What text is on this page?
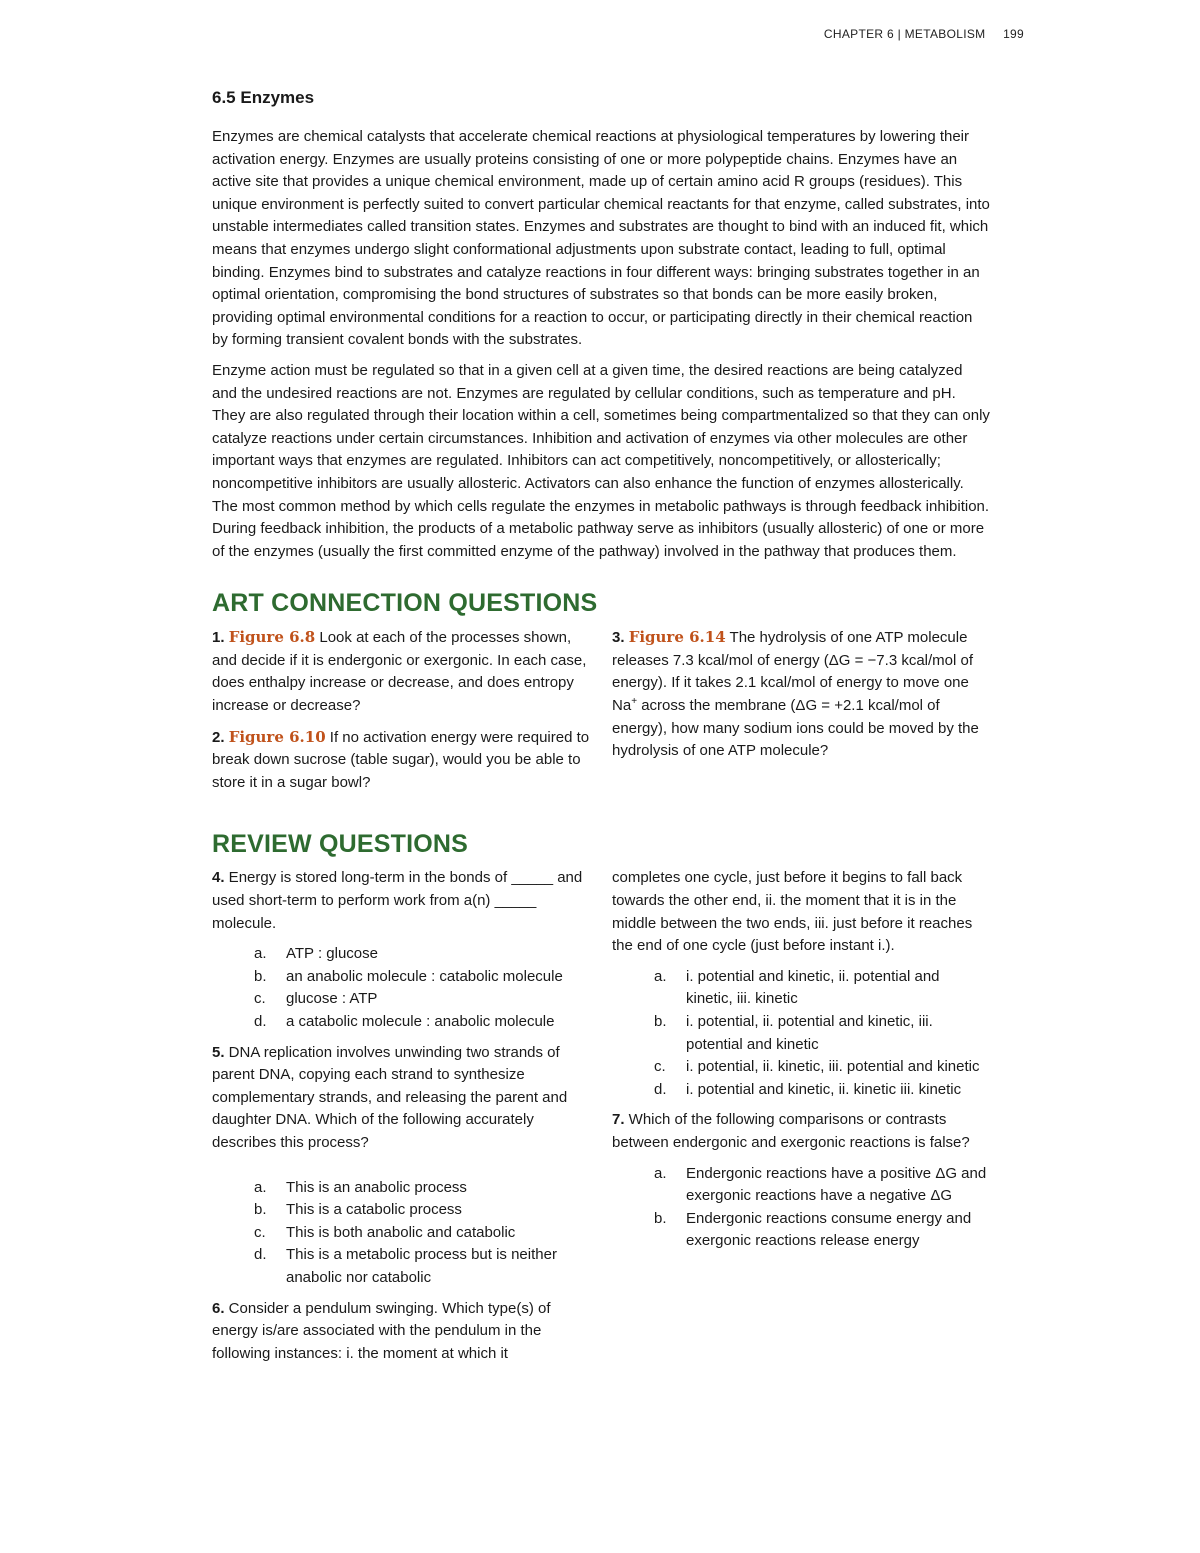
CHAPTER 6 | METABOLISM 199
6.5 Enzymes

Enzymes are chemical catalysts that accelerate chemical reactions at physiological temperatures by lowering their activation energy. Enzymes are usually proteins consisting of one or more polypeptide chains. Enzymes have an active site that provides a unique chemical environment, made up of certain amino acid R groups (residues). This unique environment is perfectly suited to convert particular chemical reactants for that enzyme, called substrates, into unstable intermediates called transition states. Enzymes and substrates are thought to bind with an induced fit, which means that enzymes undergo slight conformational adjustments upon substrate contact, leading to full, optimal binding. Enzymes bind to substrates and catalyze reactions in four different ways: bringing substrates together in an optimal orientation, compromising the bond structures of substrates so that bonds can be more easily broken, providing optimal environmental conditions for a reaction to occur, or participating directly in their chemical reaction by forming transient covalent bonds with the substrates.

Enzyme action must be regulated so that in a given cell at a given time, the desired reactions are being catalyzed and the undesired reactions are not. Enzymes are regulated by cellular conditions, such as temperature and pH. They are also regulated through their location within a cell, sometimes being compartmentalized so that they can only catalyze reactions under certain circumstances. Inhibition and activation of enzymes via other molecules are other important ways that enzymes are regulated. Inhibitors can act competitively, noncompetitively, or allosterically; noncompetitive inhibitors are usually allosteric. Activators can also enhance the function of enzymes allosterically. The most common method by which cells regulate the enzymes in metabolic pathways is through feedback inhibition. During feedback inhibition, the products of a metabolic pathway serve as inhibitors (usually allosteric) of one or more of the enzymes (usually the first committed enzyme of the pathway) involved in the pathway that produces them.

ART CONNECTION QUESTIONS

1. Figure 6.8 Look at each of the processes shown, and decide if it is endergonic or exergonic. In each case, does enthalpy increase or decrease, and does entropy increase or decrease?

2. Figure 6.10 If no activation energy were required to break down sucrose (table sugar), would you be able to store it in a sugar bowl?

3. Figure 6.14 The hydrolysis of one ATP molecule releases 7.3 kcal/mol of energy (ΔG = −7.3 kcal/mol of energy). If it takes 2.1 kcal/mol of energy to move one Na+ across the membrane (ΔG = +2.1 kcal/mol of energy), how many sodium ions could be moved by the hydrolysis of one ATP molecule?

REVIEW QUESTIONS

4. Energy is stored long-term in the bonds of _____ and used short-term to perform work from a(n) _____ molecule.

a. ATP : glucose
b. an anabolic molecule : catabolic molecule
c. glucose : ATP
d. a catabolic molecule : anabolic molecule

5. DNA replication involves unwinding two strands of parent DNA, copying each strand to synthesize complementary strands, and releasing the parent and daughter DNA. Which of the following accurately describes this process?

a. This is an anabolic process
b. This is a catabolic process
c. This is both anabolic and catabolic
d. This is a metabolic process but is neither anabolic nor catabolic

6. Consider a pendulum swinging. Which type(s) of energy is/are associated with the pendulum in the following instances: i. the moment at which it

completes one cycle, just before it begins to fall back towards the other end, ii. the moment that it is in the middle between the two ends, iii. just before it reaches the end of one cycle (just before instant i.).

a. i. potential and kinetic, ii. potential and kinetic, iii. kinetic
b. i. potential, ii. potential and kinetic, iii. potential and kinetic
c. i. potential, ii. kinetic, iii. potential and kinetic
d. i. potential and kinetic, ii. kinetic iii. kinetic

7. Which of the following comparisons or contrasts between endergonic and exergonic reactions is false?

a. Endergonic reactions have a positive ΔG and exergonic reactions have a negative ΔG
b. Endergonic reactions consume energy and exergonic reactions release energy
